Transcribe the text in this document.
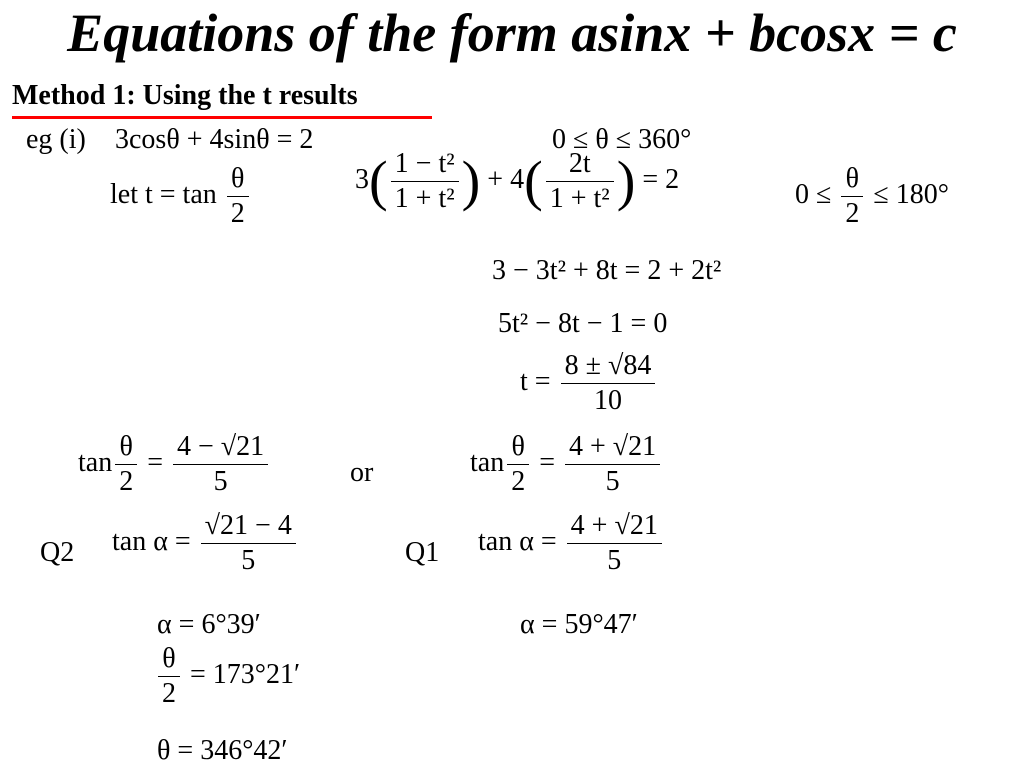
Equations of the form asinx + bcosx = c
Method 1: Using the t results
eg (i) 3cosθ + 4sinθ = 2	0 ≤ θ ≤ 360°
let $t = \tan \frac{\theta}{2}$	$3( \frac{\text{1 − t²}}{\text{1 + t²}}$ ) + $4( \frac{2t}{\text{1 + t²}}$ ) = 2	$0 \le \frac{\theta}{2} \le 180^\circ$
3 − 3t² + 8t = 2 + 2t²
5t² − 8t − 1 = 0
$t = \frac{8 \pm √84}{10}$
$\tan \frac{\theta}{2} = \frac{4 - √21}{5}$	or	$\tan \frac{\theta}{2} = \frac{4 + √21}{5}$
Q2 $\tan \alpha = \frac{√21 - 4}{5}$	Q1 $\tan \alpha = \frac{4 + √21}{5}$
α = 6°39′	α = 59°47′
$\frac{\theta}{2} = 173^\circ 21'$
θ = 346°42′
